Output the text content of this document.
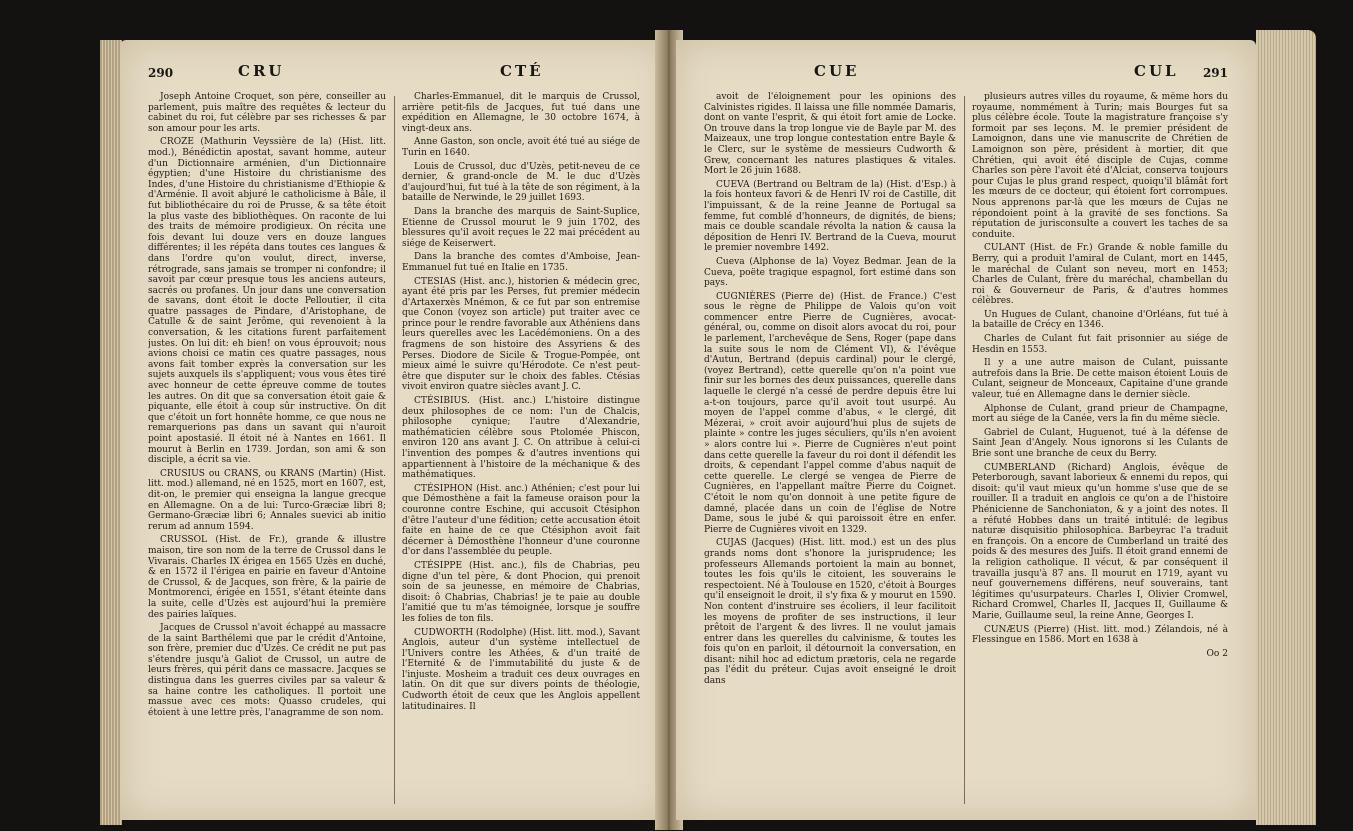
290	CRU	CTÉ

Joseph Antoine Croquet, son père, conseiller au parlement, puis maître des requêtes & lecteur du cabinet du roi, fut célèbre par ses richesses & par son amour pour les arts.

CROZE (Mathurin Veyssière de la) (Hist. litt. mod.), Bénédictin apostat, savant homme, auteur d'un Dictionnaire arménien, d'un Dictionnaire égyptien; d'une Histoire du christianisme des Indes, d'une Histoire du christianisme d'Ethiopie & d'Arménie. Il avoit abjuré le catholicisme à Bâle, il fut bibliothécaire du roi de Prusse, & sa tête étoit la plus vaste des bibliothèques. On raconte de lui des traits de mémoire prodigieux. On récita une fois devant lui douze vers en douze langues différentes; il les répéta dans toutes ces langues & dans l'ordre qu'on voulut, direct, inverse, rétrograde, sans jamais se tromper ni confondre; il savoit par cœur presque tous les anciens auteurs, sacrés ou profanes. Un jour dans une conversation de savans, dont étoit le docte Pelloutier, il cita quatre passages de Pindare, d'Aristophane, de Catulle & de saint Jerôme, qui revenoient à la conversation, & les citations furent parfaitement justes. On lui dit: eh bien! on vous éprouvoit; nous avions choisi ce matin ces quatre passages, nous avons fait tomber exprès la conversation sur les sujets auxquels ils s'appliquent; vous vous êtes tiré avec honneur de cette épreuve comme de toutes les autres. On dit que sa conversation étoit gaie & piquante, elle étoit à coup sûr instructive. On dit que c'étoit un fort honnête homme, ce que nous ne remarquerions pas dans un savant qui n'auroit point apostasié. Il étoit né à Nantes en 1661. Il mourut à Berlin en 1739. Jordan, son ami & son disciple, a écrit sa vie.

CRUSIUS ou CRANS, ou KRANS (Martin) (Hist. litt. mod.) allemand, né en 1525, mort en 1607, est, dit-on, le premier qui enseigna la langue grecque en Allemagne. On a de lui: Turco-Græciæ libri 8; Germano-Græciæ libri 6; Annales suevici ab initio rerum ad annum 1594.

CRUSSOL (Hist. de Fr.), grande & illustre maison, tire son nom de la terre de Crussol dans le Vivarais. Charles IX érigea en 1565 Uzès en duché, & en 1572 il l'érigea en pairie en faveur d'Antoine de Crussol, & de Jacques, son frère, & la pairie de Montmorenci, érigée en 1551, s'étant éteinte dans la suite, celle d'Uzès est aujourd'hui la première des pairies laïques.

Jacques de Crussol n'avoit échappé au massacre de la saint Barthélemi que par le crédit d'Antoine, son frère, premier duc d'Uzès. Ce crédit ne put pas s'étendre jusqu'à Galiot de Crussol, un autre de leurs frères, qui périt dans ce massacre. Jacques se distingua dans les guerres civiles par sa valeur & sa haine contre les catholiques. Il portoit une massue avec ces mots: Quasso crudeles, qui étoient à une lettre près, l'anagramme de son nom.

Charles-Emmanuel, dit le marquis de Crussol, arrière petit-fils de Jacques, fut tué dans une expédition en Allemagne, le 30 octobre 1674, à vingt-deux ans.

Anne Gaston, son oncle, avoit été tué au siége de Turin en 1640.

Louis de Crussol, duc d'Uzès, petit-neveu de ce dernier, & grand-oncle de M. le duc d'Uzès d'aujourd'hui, fut tué à la tête de son régiment, à la bataille de Nerwinde, le 29 juillet 1693.

Dans la branche des marquis de Saint-Suplice, Etienne de Crussol mourut le 9 juin 1702, des blessures qu'il avoit reçues le 22 mai précédent au siége de Keiserwert.

Dans la branche des comtes d'Amboise, Jean-Emmanuel fut tué en Italie en 1735.

CTESIAS (Hist. anc.), historien & médecin grec, ayant été pris par les Perses, fut premier médecin d'Artaxerxès Mnémon, & ce fut par son entremise que Conon (voyez son article) put traiter avec ce prince pour le rendre favorable aux Athéniens dans leurs querelles avec les Lacédémoniens. On a des fragmens de son histoire des Assyriens & des Perses. Diodore de Sicile & Trogue-Pompée, ont mieux aimé le suivre qu'Hérodote. Ce n'est peut-être que disputer sur le choix des fables. Ctésias vivoit environ quatre siècles avant J. C.

CTÉSIBIUS. (Hist. anc.) L'histoire distingue deux philosophes de ce nom: l'un de Chalcis, philosophe cynique; l'autre d'Alexandrie, mathématicien célèbre sous Ptolomée Phiscon, environ 120 ans avant J. C. On attribue à celui-ci l'invention des pompes & d'autres inventions qui appartiennent à l'histoire de la méchanique & des mathématiques.

CTÉSIPHON (Hist. anc.) Athénien; c'est pour lui que Démosthène a fait la fameuse oraison pour la couronne contre Eschine, qui accusoit Ctésiphon d'être l'auteur d'une fédition; cette accusation étoit faite en haine de ce que Ctésiphon avoit fait décerner à Démosthène l'honneur d'une couronne d'or dans l'assemblée du peuple.

CTÉSIPPE (Hist. anc.), fils de Chabrias, peu digne d'un tel père, & dont Phocion, qui prenoit soin de sa jeunesse, en mémoire de Chabrias, disoit: ô Chabrias, Chabrias! je te paie au double l'amitié que tu m'as témoignée, lorsque je souffre les folies de ton fils.

CUDWORTH (Rodolphe) (Hist. litt. mod.), Savant Anglois, auteur d'un système intellectuel de l'Univers contre les Athées, & d'un traité de l'Eternité & de l'immutabilité du juste & de l'injuste. Mosheim a traduit ces deux ouvrages en latin. On dit que sur divers points de théologie, Cudworth étoit de ceux que les Anglois appellent latitudinaires. Il

CUE	CUL 291

avoit de l'éloignement pour les opinions des Calvinistes rigides. Il laissa une fille nommée Damaris, dont on vante l'esprit, & qui étoit fort amie de Locke. On trouve dans la trop longue vie de Bayle par M. des Maizeaux, une trop longue contestation entre Bayle & le Clerc, sur le système de messieurs Cudworth & Grew, concernant les natures plastiques & vitales. Mort le 26 juin 1688.

CUEVA (Bertrand ou Beltram de la) (Hist. d'Esp.) à la fois honteux favori & de Henri IV roi de Castille, dit l'impuissant, & de la reine Jeanne de Portugal sa femme, fut comblé d'honneurs, de dignités, de biens; mais ce double scandale révolta la nation & causa la déposition de Henri IV. Bertrand de la Cueva, mourut le premier novembre 1492.

Cueva (Alphonse de la) Voyez Bedmar. Jean de la Cueva, poëte tragique espagnol, fort estimé dans son pays.

CUGNIÈRES (Pierre de) (Hist. de France.) C'est sous le règne de Philippe de Valois qu'on voit commencer entre Pierre de Cugnières, avocat-général, ou, comme on disoit alors avocat du roi, pour le parlement, l'archevêque de Sens, Roger (pape dans la suite sous le nom de Clément VI), & l'évêque d'Autun, Bertrand (depuis cardinal) pour le clergé, (voyez Bertrand), cette querelle qu'on n'a point vue finir sur les bornes des deux puissances, querelle dans laquelle le clergé n'a cessé de perdre depuis être lui a-t-on toujours, parce qu'il avoit tout usurpé. Au moyen de l'appel comme d'abus, « le clergé, dit Mézerai, » croit avoir aujourd'hui plus de sujets de plainte » contre les juges séculiers, qu'ils n'en avoient » alors contre lui ». Pierre de Cugnières n'eut point dans cette querelle la faveur du roi dont il défendit les droits, & cependant l'appel comme d'abus naquit de cette querelle. Le clergé se vengea de Pierre de Cugnières, en l'appellant maître Pierre du Coignet. C'étoit le nom qu'on donnoit à une petite figure de damné, placée dans un coin de l'église de Notre Dame, sous le jubé & qui paroissoit être en enfer. Pierre de Cugnières vivoit en 1329.

CUJAS (Jacques) (Hist. litt. mod.) est un des plus grands noms dont s'honore la jurisprudence; les professeurs Allemands portoient la main au bonnet, toutes les fois qu'ils le citoient, les souverains le respectoient. Né à Toulouse en 1520, c'étoit à Bourges qu'il enseignoit le droit, il s'y fixa & y mourut en 1590. Non content d'instruire ses écoliers, il leur facilitoit les moyens de profiter de ses instructions, il leur prêtoit de l'argent & des livres. Il ne voulut jamais entrer dans les querelles du calvinisme, & toutes les fois qu'on en parloit, il détournoit la conversation, en disant: nihil hoc ad edictum prætoris, cela ne regarde pas l'édit du préteur. Cujas avoit enseigné le droit dans

plusieurs autres villes du royaume, & même hors du royaume, nommément à Turin; mais Bourges fut sa plus célèbre école. Toute la magistrature françoise s'y formoit par ses leçons. M. le premier président de Lamoignon, dans une vie manuscrite de Chrétien de Lamoignon son père, président à mortier, dit que Chrétien, qui avoit été disciple de Cujas, comme Charles son père l'avoit été d'Alciat, conserva toujours pour Cujas le plus grand respect, quoiqu'il blâmât fort les mœurs de ce docteur, qui étoient fort corrompues. Nous apprenons par-là que les mœurs de Cujas ne répondoient point à la gravité de ses fonctions. Sa réputation de jurisconsulte a couvert les taches de sa conduite.

CULANT (Hist. de Fr.) Grande & noble famille du Berry, qui a produit l'amiral de Culant, mort en 1445, le maréchal de Culant son neveu, mort en 1453; Charles de Culant, frère du maréchal, chambellan du roi & Gouverneur de Paris, & d'autres hommes célèbres.

Un Hugues de Culant, chanoine d'Orléans, fut tué à la bataille de Crécy en 1346.

Charles de Culant fut fait prisonnier au siége de Hesdin en 1553.

Il y a une autre maison de Culant, puissante autrefois dans la Brie. De cette maison étoient Louis de Culant, seigneur de Monceaux, Capitaine d'une grande valeur, tué en Allemagne dans le dernier siècle.

Alphonse de Culant, grand prieur de Champagne, mort au siége de la Canée, vers la fin du même siècle.

Gabriel de Culant, Huguenot, tué à la défense de Saint Jean d'Angely. Nous ignorons si les Culants de Brie sont une branche de ceux du Berry.

CUMBERLAND (Richard) Anglois, évêque de Peterborough, savant laborieux & ennemi du repos, qui disoit: qu'il vaut mieux qu'un homme s'use que de se rouiller. Il a traduit en anglois ce qu'on a de l'histoire Phénicienne de Sanchoniaton, & y a joint des notes. Il a réfuté Hobbes dans un traité intitulé: de legibus naturæ disquisitio philosophica. Barbeyrac l'a traduit en françois. On a encore de Cumberland un traité des poids & des mesures des Juifs. Il étoit grand ennemi de la religion catholique. Il vécut, & par conséquent il travailla jusqu'à 87 ans. Il mourut en 1719, ayant vu neuf gouvernemens différens, neuf souverains, tant légitimes qu'usurpateurs. Charles I, Olivier Cromwel, Richard Cromwel, Charles II, Jacques II, Guillaume & Marie, Guillaume seul, la reine Anne, Georges I.

CUNÆUS (Pierre) (Hist. litt. mod.) Zélandois, né à Flessingue en 1586. Mort en 1638 à

Oo 2
